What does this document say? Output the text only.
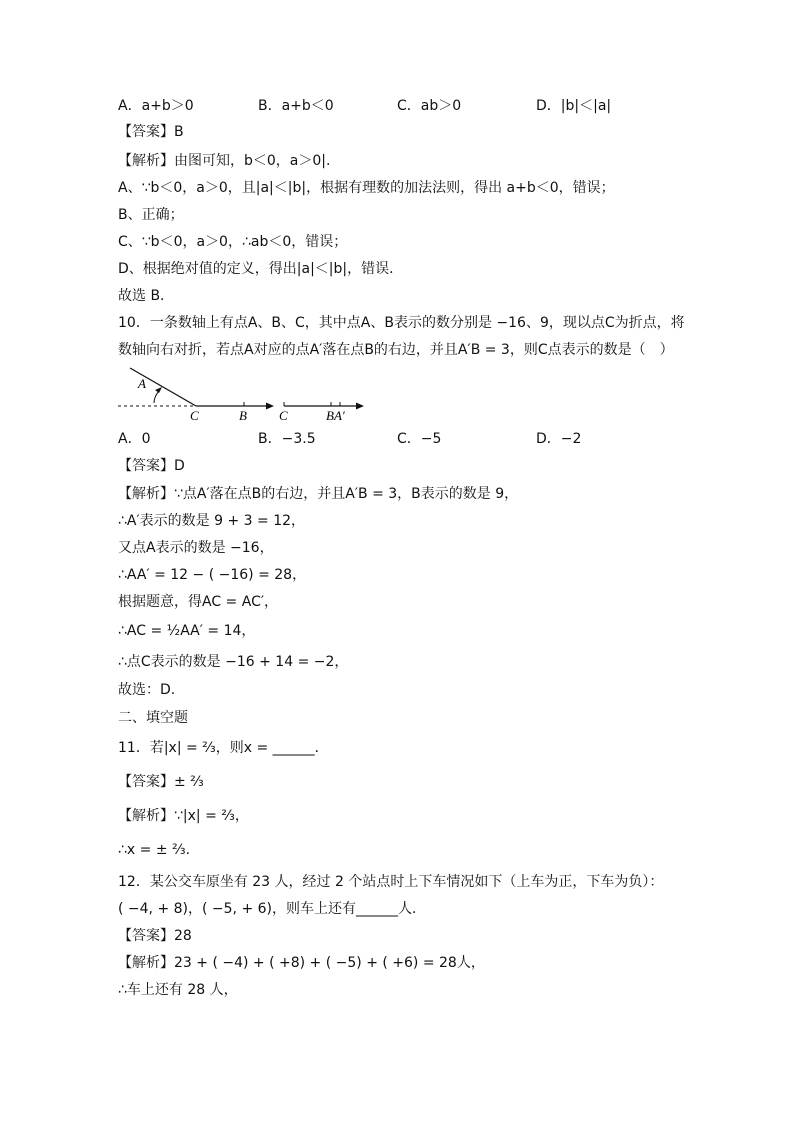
A．a+b＞0	B．a+b＜0	C．ab＞0	D．|b|＜|a|
【答案】B
【解析】由图可知，b＜0，a＞0|.
A、∵b＜0，a＞0，且|a|＜|b|，根据有理数的加法法则，得出 a+b＜0，错误；
B、正确；
C、∵b＜0，a＞0，∴ab＜0，错误；
D、根据绝对值的定义，得出|a|＜|b|，错误．
故选 B．
10．一条数轴上有点A、B、C，其中点A、B表示的数分别是 −16、9，现以点C为折点，将
数轴向右对折，若点A对应的点A′落在点B的右边，并且A′B = 3，则C点表示的数是（　）
A
C	B C	BA′
A．0	B．−3.5	C．−5	D．−2
【答案】D
【解析】∵点A′落在点B的右边，并且A′B = 3，B表示的数是 9，
∴A′表示的数是 9 + 3 = 12，
又点A表示的数是 −16，
∴AA′ = 12 − ( −16) = 28，
根据题意，得AC = AC′，
∴AC = ½AA′ = 14，
∴点C表示的数是 −16 + 14 = −2，
故选：D.
二、填空题
11．若|x| = ⅔，则x = ______．
【答案】± ⅔
【解析】∵|x| = ⅔，
∴x = ± ⅔.
12．某公交车原坐有 23 人，经过 2 个站点时上下车情况如下（上车为正，下车为负）：
( −4, + 8)，( −5, + 6)，则车上还有______人．
【答案】28
【解析】23 + ( −4) + ( +8) + ( −5) + ( +6) = 28人，
∴车上还有 28 人，
